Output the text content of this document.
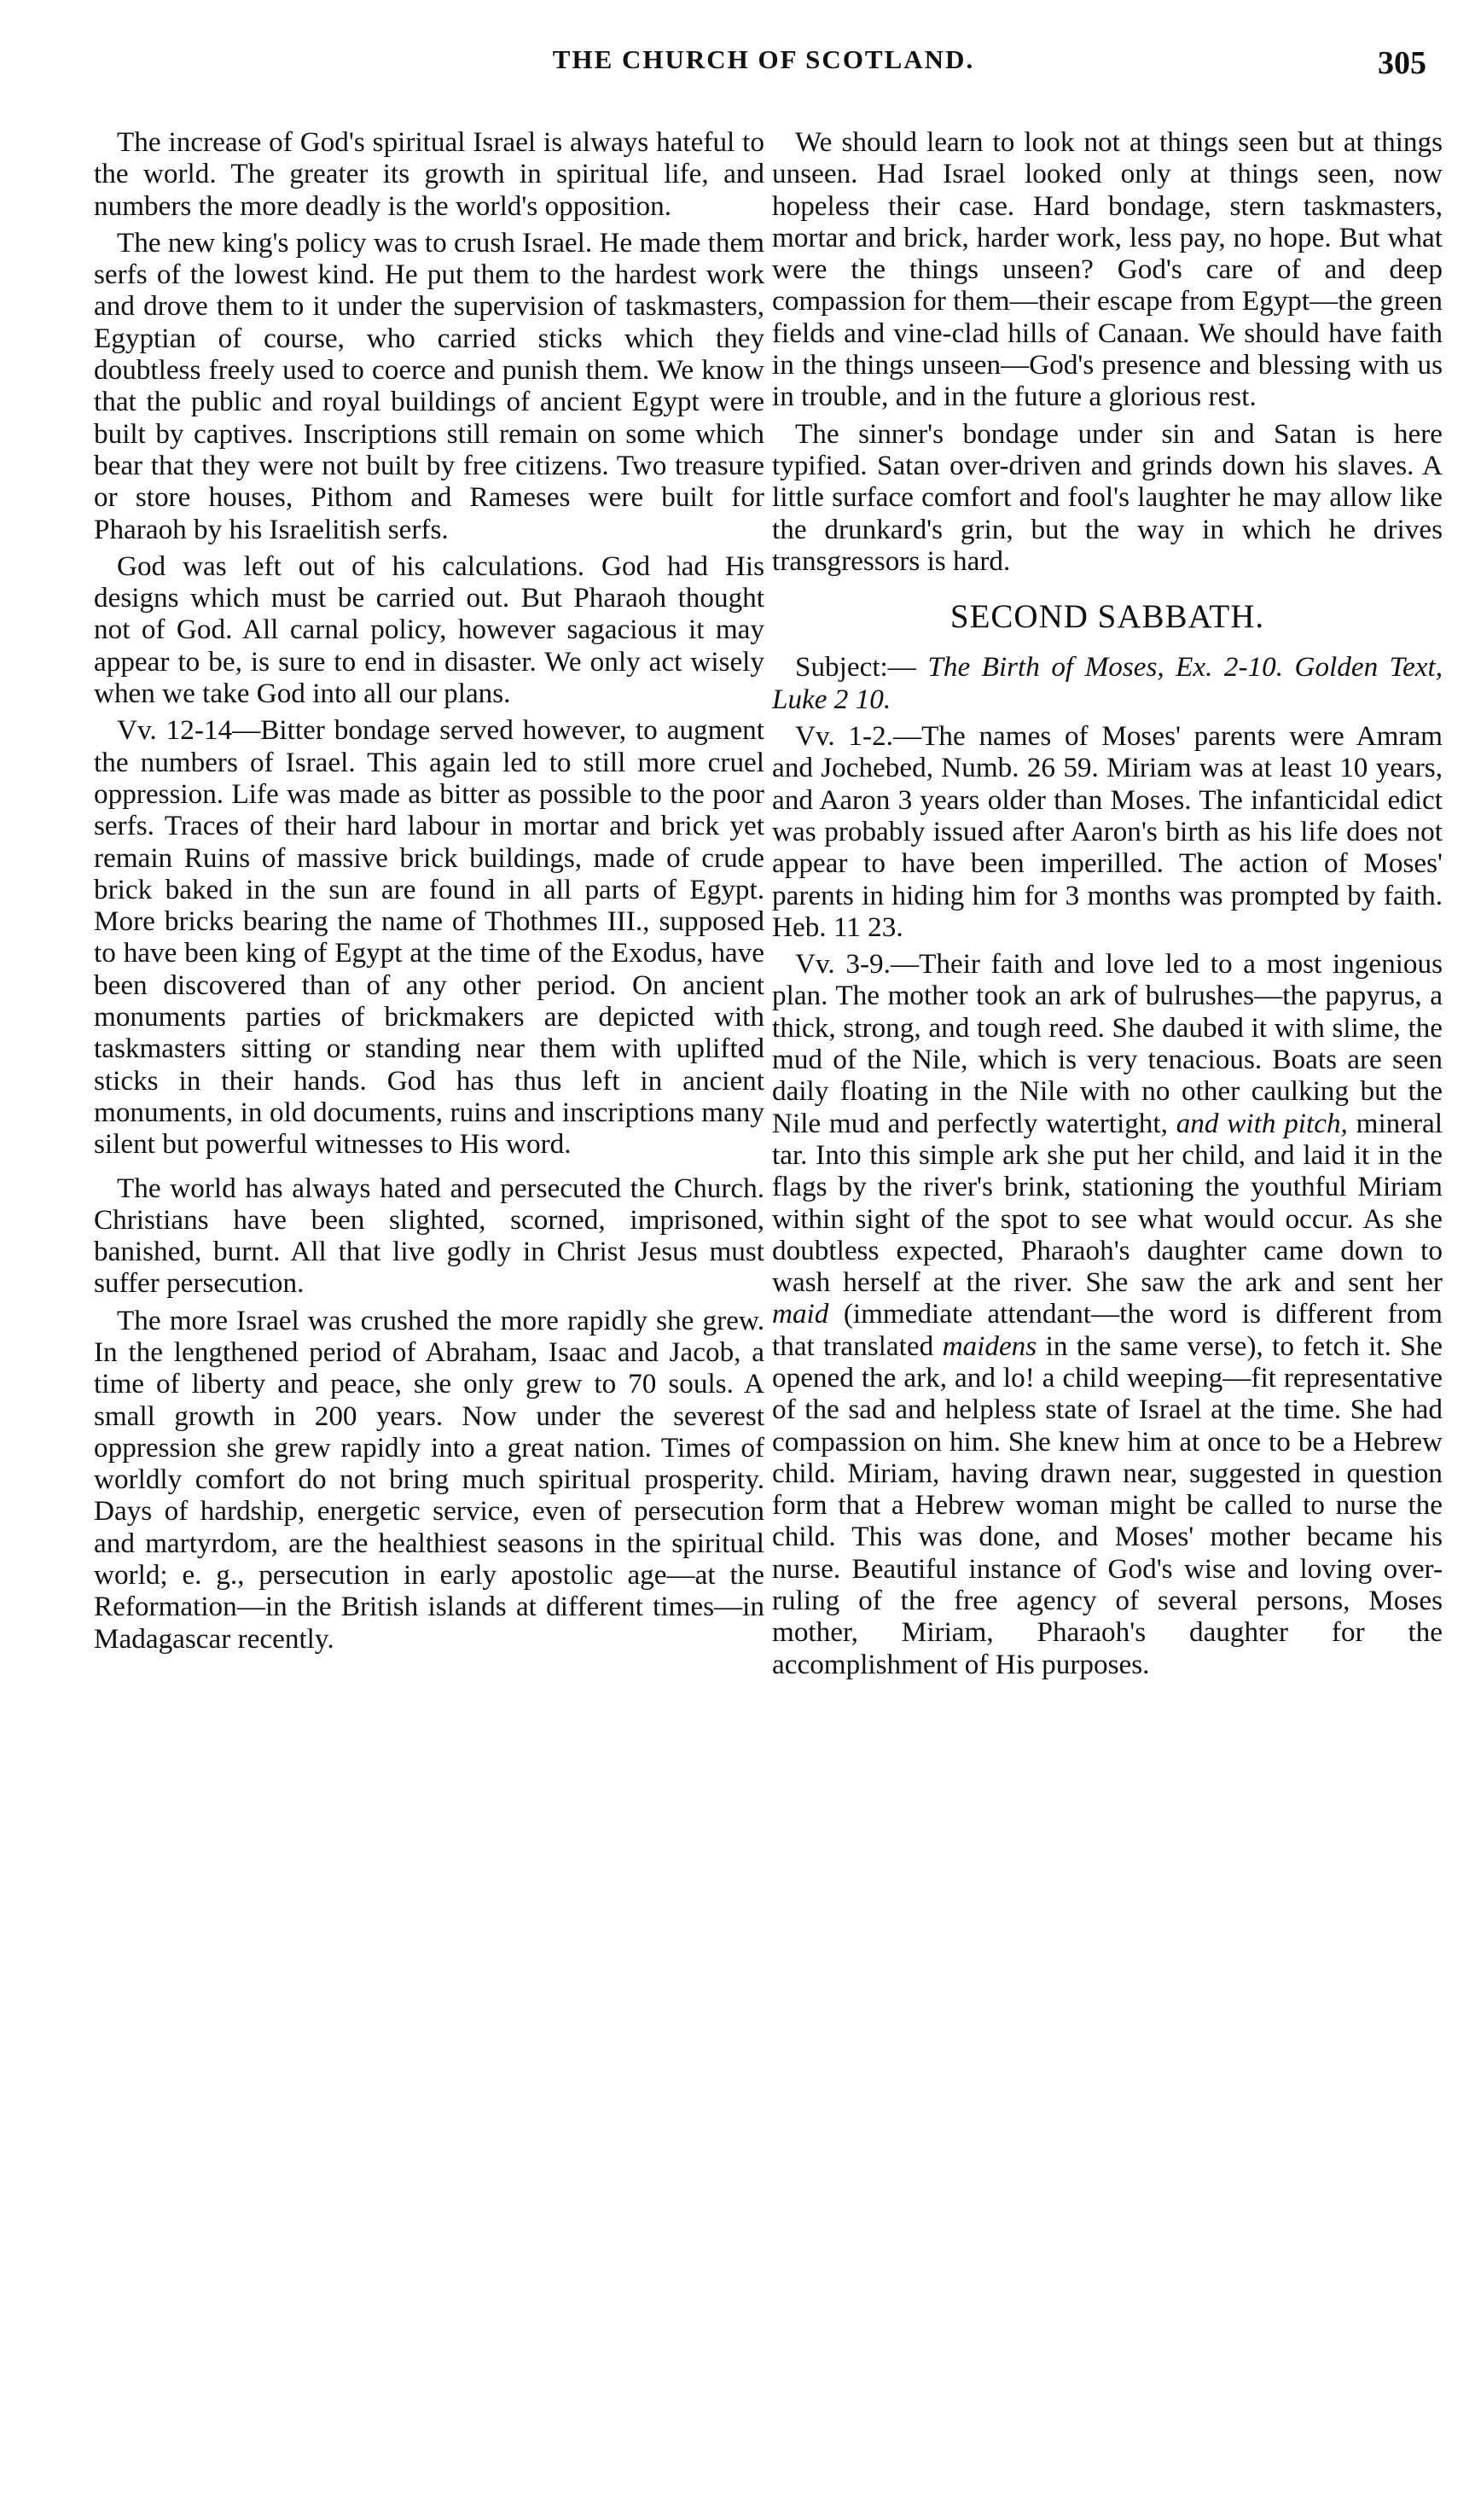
THE CHURCH OF SCOTLAND.	305

The increase of God's spiritual Israel is always hateful to the world. The greater its growth in spiritual life, and numbers the more deadly is the world's opposition.

The new king's policy was to crush Israel. He made them serfs of the lowest kind. He put them to the hardest work and drove them to it under the supervision of taskmasters, Egyptian of course, who carried sticks which they doubtless freely used to coerce and punish them. We know that the public and royal buildings of ancient Egypt were built by captives. Inscriptions still remain on some which bear that they were not built by free citizens. Two treasure or store houses, Pithom and Rameses were built for Pharaoh by his Israelitish serfs.

God was left out of his calculations. God had His designs which must be carried out. But Pharaoh thought not of God. All carnal policy, however sagacious it may appear to be, is sure to end in disaster. We only act wisely when we take God into all our plans.

Vv. 12-14—Bitter bondage served however, to augment the numbers of Israel. This again led to still more cruel oppression. Life was made as bitter as possible to the poor serfs. Traces of their hard labour in mortar and brick yet remain Ruins of massive brick buildings, made of crude brick baked in the sun are found in all parts of Egypt. More bricks bearing the name of Thothmes III., supposed to have been king of Egypt at the time of the Exodus, have been discovered than of any other period. On ancient monuments parties of brickmakers are depicted with taskmasters sitting or standing near them with uplifted sticks in their hands. God has thus left in ancient monuments, in old documents, ruins and inscriptions many silent but powerful witnesses to His word.

The world has always hated and persecuted the Church. Christians have been slighted, scorned, imprisoned, banished, burnt. All that live godly in Christ Jesus must suffer persecution.

The more Israel was crushed the more rapidly she grew. In the lengthened period of Abraham, Isaac and Jacob, a time of liberty and peace, she only grew to 70 souls. A small growth in 200 years. Now under the severest oppression she grew rapidly into a great nation. Times of worldly comfort do not bring much spiritual prosperity. Days of hardship, energetic service, even of persecution and martyrdom, are the healthiest seasons in the spiritual world; e. g., persecution in early apostolic age—at the Reformation—in the British islands at different times—in Madagascar recently.

We should learn to look not at things seen but at things unseen. Had Israel looked only at things seen, now hopeless their case. Hard bondage, stern taskmasters, mortar and brick, harder work, less pay, no hope. But what were the things unseen? God's care of and deep compassion for them—their escape from Egypt—the green fields and vine-clad hills of Canaan. We should have faith in the things unseen—God's presence and blessing with us in trouble, and in the future a glorious rest.

The sinner's bondage under sin and Satan is here typified. Satan over-driven and grinds down his slaves. A little surface comfort and fool's laughter he may allow like the drunkard's grin, but the way in which he drives transgressors is hard.

SECOND SABBATH.

Subject:— The Birth of Moses, Ex. 2-10. Golden Text, Luke 2 10.

Vv. 1-2.—The names of Moses' parents were Amram and Jochebed, Numb. 26 59. Miriam was at least 10 years, and Aaron 3 years older than Moses. The infanticidal edict was probably issued after Aaron's birth as his life does not appear to have been imperilled. The action of Moses' parents in hiding him for 3 months was prompted by faith. Heb. 11 23.

Vv. 3-9.—Their faith and love led to a most ingenious plan. The mother took an ark of bulrushes—the papyrus, a thick, strong, and tough reed. She daubed it with slime, the mud of the Nile, which is very tenacious. Boats are seen daily floating in the Nile with no other caulking but the Nile mud and perfectly watertight, and with pitch, mineral tar. Into this simple ark she put her child, and laid it in the flags by the river's brink, stationing the youthful Miriam within sight of the spot to see what would occur. As she doubtless expected, Pharaoh's daughter came down to wash herself at the river. She saw the ark and sent her maid (immediate attendant—the word is different from that translated maidens in the same verse), to fetch it. She opened the ark, and lo! a child weeping—fit representative of the sad and helpless state of Israel at the time. She had compassion on him. She knew him at once to be a Hebrew child. Miriam, having drawn near, suggested in question form that a Hebrew woman might be called to nurse the child. This was done, and Moses' mother became his nurse. Beautiful instance of God's wise and loving over-ruling of the free agency of several persons, Moses mother, Miriam, Pharaoh's daughter for the accomplishment of His purposes.
